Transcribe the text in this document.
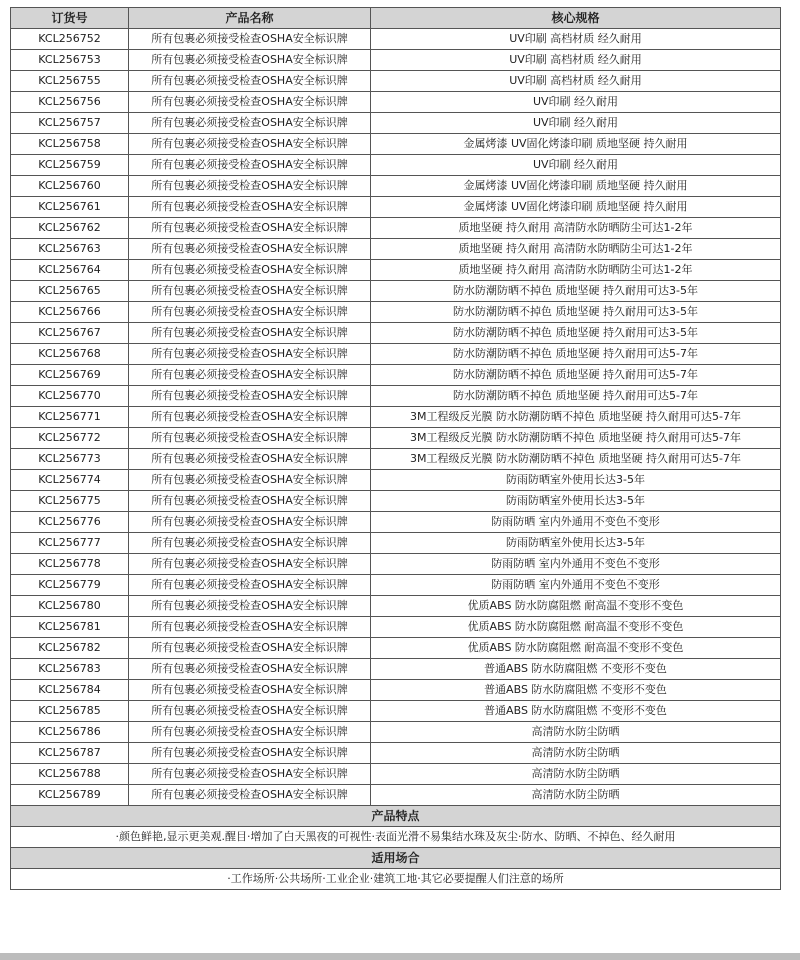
订货号	产品名称	核心规格
KCL256752	所有包裹必须接受检查OSHA安全标识牌	UV印刷 高档材质 经久耐用
KCL256753	所有包裹必须接受检查OSHA安全标识牌	UV印刷 高档材质 经久耐用
KCL256755	所有包裹必须接受检查OSHA安全标识牌	UV印刷 高档材质 经久耐用
KCL256756	所有包裹必须接受检查OSHA安全标识牌	UV印刷 经久耐用
KCL256757	所有包裹必须接受检查OSHA安全标识牌	UV印刷 经久耐用
KCL256758	所有包裹必须接受检查OSHA安全标识牌	金属烤漆 UV固化烤漆印刷 质地坚硬 持久耐用
KCL256759	所有包裹必须接受检查OSHA安全标识牌	UV印刷 经久耐用
KCL256760	所有包裹必须接受检查OSHA安全标识牌	金属烤漆 UV固化烤漆印刷 质地坚硬 持久耐用
KCL256761	所有包裹必须接受检查OSHA安全标识牌	金属烤漆 UV固化烤漆印刷 质地坚硬 持久耐用
KCL256762	所有包裹必须接受检查OSHA安全标识牌	质地坚硬 持久耐用 高清防水防晒防尘可达1-2年
KCL256763	所有包裹必须接受检查OSHA安全标识牌	质地坚硬 持久耐用 高清防水防晒防尘可达1-2年
KCL256764	所有包裹必须接受检查OSHA安全标识牌	质地坚硬 持久耐用 高清防水防晒防尘可达1-2年
KCL256765	所有包裹必须接受检查OSHA安全标识牌	防水防潮防晒不掉色 质地坚硬 持久耐用可达3-5年
KCL256766	所有包裹必须接受检查OSHA安全标识牌	防水防潮防晒不掉色 质地坚硬 持久耐用可达3-5年
KCL256767	所有包裹必须接受检查OSHA安全标识牌	防水防潮防晒不掉色 质地坚硬 持久耐用可达3-5年
KCL256768	所有包裹必须接受检查OSHA安全标识牌	防水防潮防晒不掉色 质地坚硬 持久耐用可达5-7年
KCL256769	所有包裹必须接受检查OSHA安全标识牌	防水防潮防晒不掉色 质地坚硬 持久耐用可达5-7年
KCL256770	所有包裹必须接受检查OSHA安全标识牌	防水防潮防晒不掉色 质地坚硬 持久耐用可达5-7年
KCL256771	所有包裹必须接受检查OSHA安全标识牌	3M工程级反光膜 防水防潮防晒不掉色 质地坚硬 持久耐用可达5-7年
KCL256772	所有包裹必须接受检查OSHA安全标识牌	3M工程级反光膜 防水防潮防晒不掉色 质地坚硬 持久耐用可达5-7年
KCL256773	所有包裹必须接受检查OSHA安全标识牌	3M工程级反光膜 防水防潮防晒不掉色 质地坚硬 持久耐用可达5-7年
KCL256774	所有包裹必须接受检查OSHA安全标识牌	防雨防晒室外使用长达3-5年
KCL256775	所有包裹必须接受检查OSHA安全标识牌	防雨防晒室外使用长达3-5年
KCL256776	所有包裹必须接受检查OSHA安全标识牌	防雨防晒 室内外通用不变色不变形
KCL256777	所有包裹必须接受检查OSHA安全标识牌	防雨防晒室外使用长达3-5年
KCL256778	所有包裹必须接受检查OSHA安全标识牌	防雨防晒 室内外通用不变色不变形
KCL256779	所有包裹必须接受检查OSHA安全标识牌	防雨防晒 室内外通用不变色不变形
KCL256780	所有包裹必须接受检查OSHA安全标识牌	优质ABS 防水防腐阻燃 耐高温不变形不变色
KCL256781	所有包裹必须接受检查OSHA安全标识牌	优质ABS 防水防腐阻燃 耐高温不变形不变色
KCL256782	所有包裹必须接受检查OSHA安全标识牌	优质ABS 防水防腐阻燃 耐高温不变形不变色
KCL256783	所有包裹必须接受检查OSHA安全标识牌	普通ABS 防水防腐阻燃 不变形不变色
KCL256784	所有包裹必须接受检查OSHA安全标识牌	普通ABS 防水防腐阻燃 不变形不变色
KCL256785	所有包裹必须接受检查OSHA安全标识牌	普通ABS 防水防腐阻燃 不变形不变色
KCL256786	所有包裹必须接受检查OSHA安全标识牌	高清防水防尘防晒
KCL256787	所有包裹必须接受检查OSHA安全标识牌	高清防水防尘防晒
KCL256788	所有包裹必须接受检查OSHA安全标识牌	高清防水防尘防晒
KCL256789	所有包裹必须接受检查OSHA安全标识牌	高清防水防尘防晒
产品特点		
·颜色鲜艳,显示更美观.醒目·增加了白天黑夜的可视性·表面光滑不易集结水珠及灰尘·防水、防晒、不掉色、经久耐用		
适用场合		
·工作场所·公共场所·工业企业·建筑工地·其它必要提醒人们注意的场所		
